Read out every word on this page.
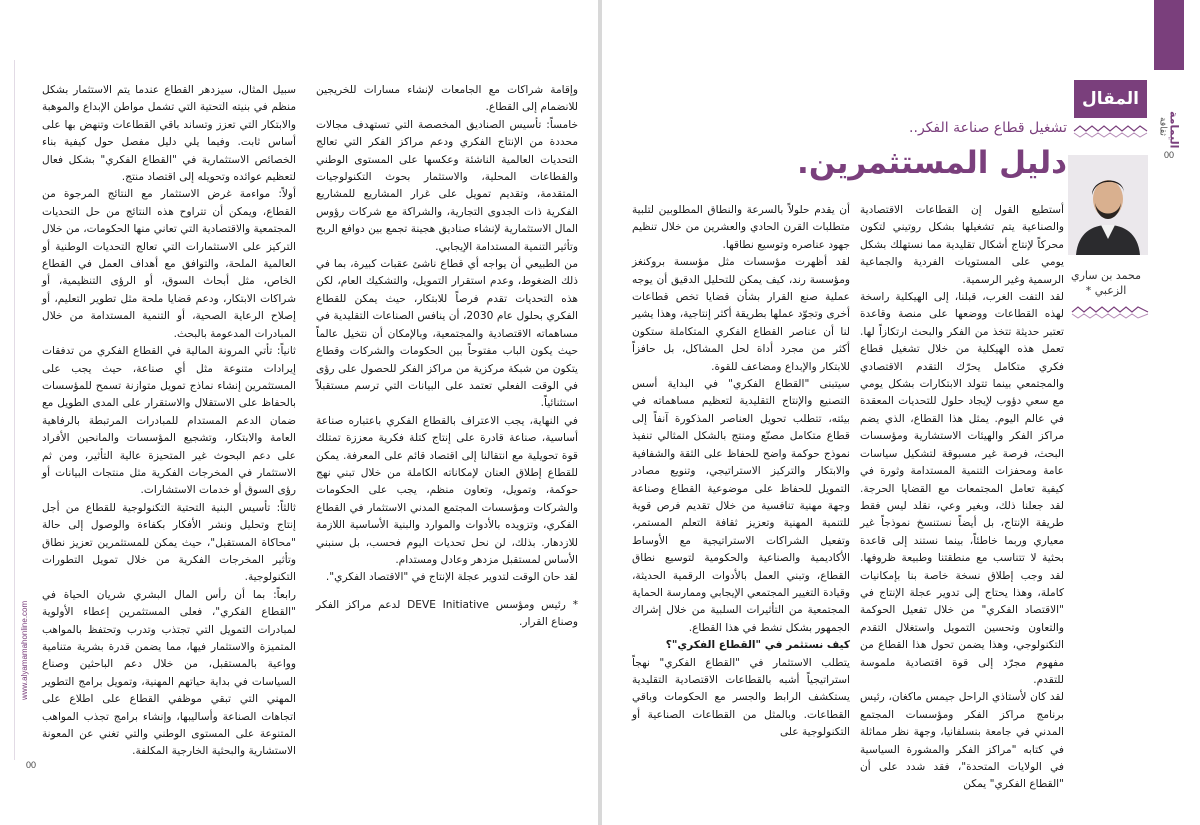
www.alyamamahonline.com
00

سبيل المثال، سيزدهر القطاع عندما يتم الاستثمار بشكل منظم في بنيته التحتية التي تشمل مواطن الإبداع والموهبة والابتكار التي تعزز وتساند باقي القطاعات وتنهض بها على أساس ثابت. وفيما يلي دليل مفصل حول كيفية بناء الخصائص الاستثمارية في "القطاع الفكري" بشكل فعال لتعظيم عوائده وتحويله إلى اقتصاد منتج.

أولاً: مواءمة غرض الاستثمار مع النتائج المرجوة من القطاع، ويمكن أن تتراوح هذه النتائج من حل التحديات المجتمعية والاقتصادية التي تعاني منها الحكومات، من خلال التركيز على الاستثمارات التي تعالج التحديات الوطنية أو العالمية الملحة، والتوافق مع أهداف العمل في القطاع الخاص، مثل أبحاث السوق، أو الرؤى التنظيمية، أو شراكات الابتكار، ودعم قضايا ملحة مثل تطوير التعليم، أو إصلاح الرعاية الصحية، أو التنمية المستدامة من خلال المبادرات المدعومة بالبحث.

ثانياً: تأتي المرونة المالية في القطاع الفكري من تدفقات إيرادات متنوعة مثل أي صناعة، حيث يجب على المستثمرين إنشاء نماذج تمويل متوازنة تسمح للمؤسسات بالحفاظ على الاستقلال والاستقرار على المدى الطويل مع ضمان الدعم المستدام للمبادرات المرتبطة بالرفاهية العامة والابتكار، وتشجيع المؤسسات والمانحين الأفراد على دعم البحوث غير المتحيزة عالية التأثير، ومن ثم الاستثمار في المخرجات الفكرية مثل منتجات البيانات أو رؤى السوق أو خدمات الاستشارات.

ثالثاً: تأسيس البنية التحتية التكنولوجية للقطاع من أجل إنتاج وتحليل ونشر الأفكار بكفاءة والوصول إلى حالة "محاكاة المستقبل"، حيث يمكن للمستثمرين تعزيز نطاق وتأثير المخرجات الفكرية من خلال تمويل التطورات التكنولوجية.

رابعاً: بما أن رأس المال البشري شريان الحياة في "القطاع الفكري"، فعلى المستثمرين إعطاء الأولوية لمبادرات التمويل التي تجتذب وتدرب وتحتفظ بالمواهب المتميزة والاستثمار فيها، مما يضمن قدرة بشرية متنامية وواعية بالمستقبل، من خلال دعم الباحثين وصناع السياسات في بداية حياتهم المهنية، وتمويل برامج التطوير المهني التي تبقي موظفي القطاع على اطلاع على اتجاهات الصناعة وأساليبها، وإنشاء برامج تجذب المواهب المتنوعة على المستوى الوطني والتي تغني عن المعونة الاستشارية والبحثية الخارجية المكلفة.

وإقامة شراكات مع الجامعات لإنشاء مسارات للخريجين للانضمام إلى القطاع.

خامساً: تأسيس الصناديق المخصصة التي تستهدف مجالات محددة من الإنتاج الفكري ودعم مراكز الفكر التي تعالج التحديات العالمية الناشئة وعكسها على المستوى الوطني والقطاعات المحلية، والاستثمار بحوث التكنولوجيات المتقدمة، وتقديم تمويل على غرار المشاريع للمشاريع الفكرية ذات الجدوى التجارية، والشراكة مع شركات رؤوس المال الاستثمارية لإنشاء صناديق هجينة تجمع بين دوافع الربح وتأثير التنمية المستدامة الإيجابي.

من الطبيعي أن يواجه أي قطاع ناشئ عقبات كبيرة، بما في ذلك الضغوط، وعدم استقرار التمويل، والتشكيك العام، لكن هذه التحديات تقدم فرصاً للابتكار، حيث يمكن للقطاع الفكري بحلول عام 2030، أن ينافس الصناعات التقليدية في مساهماته الاقتصادية والمجتمعية، وبالإمكان أن نتخيل عالماً حيث يكون الباب مفتوحاً بين الحكومات والشركات وقطاع يتكون من شبكة مركزية من مراكز الفكر للحصول على رؤى في الوقت الفعلي تعتمد على البيانات التي ترسم مستقبلاً استثنائياً.

في النهاية، يجب الاعتراف بالقطاع الفكري باعتباره صناعة أساسية، صناعة قادرة على إنتاج كتلة فكرية معززة تمتلك قوة تحويلية مع انتقالنا إلى اقتصاد قائم على المعرفة. يمكن للقطاع إطلاق العنان لإمكاناته الكاملة من خلال تبني نهج حوكمة، وتمويل، وتعاون منظم، يجب على الحكومات والشركات ومؤسسات المجتمع المدني الاستثمار في القطاع الفكري، وتزويده بالأدوات والموارد والبنية الأساسية اللازمة للازدهار. بذلك، لن نحل تحديات اليوم فحسب، بل سنبني الأساس لمستقبل مزدهر وعادل ومستدام.

لقد حان الوقت لتدوير عجلة الإنتاج في "الاقتصاد الفكري".

* رئيس ومؤسس DEVE Initiative لدعم مراكز الفكر وصناع القرار.

تشغيل قطاع صناعة الفكر..
دليل المستثمرين.
المقال
ثقافة اليمامة
00
محمد بن ساري الزعبي *

أن يقدم حلولاً بالسرعة والنطاق المطلوبين لتلبية متطلبات القرن الحادي والعشرين من خلال تنظيم جهود عناصره وتوسيع نطاقها.

لقد أظهرت مؤسسات مثل مؤسسة بروكنغز ومؤسسة رند، كيف يمكن للتحليل الدقيق أن يوجه عملية صنع القرار بشأن قضايا تخص قطاعات أخرى وتجوّد عملها بطريقة أكثر إنتاجية، وهذا يشير لنا أن عناصر القطاع الفكري المتكاملة ستكون أكثر من مجرد أداة لحل المشاكل، بل حافزاً للابتكار والإبداع ومضاعف للقوة.

سيتبنى "القطاع الفكري" في البداية أسس التصنيع والإنتاج التقليدية لتعظيم مساهماته في بيئته، تتطلب تحويل العناصر المذكورة آنفاً إلى قطاع متكامل مصنّع ومنتج بالشكل المثالي تنفيذ نموذج حوكمة واضح للحفاظ على الثقة والشفافية والابتكار والتركيز الاستراتيجي، وتنويع مصادر التمويل للحفاظ على موضوعية القطاع وصناعة وجهة مهنية تنافسية من خلال تقديم فرص قوية للتنمية المهنية وتعزيز ثقافة التعلم المستمر، وتفعيل الشراكات الاستراتيجية مع الأوساط الأكاديمية والصناعية والحكومية لتوسيع نطاق القطاع، وتبني العمل بالأدوات الرقمية الحديثة، وقيادة التغيير المجتمعي الإيجابي وممارسة الحماية المجتمعية من التأثيرات السلبية من خلال إشراك الجمهور بشكل نشط في هذا القطاع.

كيف نستثمر في "القطاع الفكري"؟

يتطلب الاستثمار في "القطاع الفكري" نهجاً استراتيجياً أشبه بالقطاعات الاقتصادية التقليدية يستكشف الرابط والجسر مع الحكومات وباقي القطاعات. وبالمثل من القطاعات الصناعية أو التكنولوجية على

أستطيع القول إن القطاعات الاقتصادية والصناعية يتم تشغيلها بشكل روتيني لتكون محركاً لإنتاج أشكال تقليدية مما نستهلك بشكل يومي على المستويات الفردية والجماعية الرسمية وغير الرسمية.

لقد التفت الغرب، قبلنا، إلى الهيكلية راسخة لهذه القطاعات ووضعها على منصة وقاعدة تعتبر حديثة تتخذ من الفكر والبحث ارتكازاً لها. تعمل هذه الهيكلية من خلال تشغيل قطاع فكري متكامل يحرّك التقدم الاقتصادي والمجتمعي بينما تتولد الابتكارات بشكل يومي مع سعي دؤوب لإيجاد حلول للتحديات المعقدة في عالم اليوم. يمثل هذا القطاع، الذي يضم مراكز الفكر والهيئات الاستشارية ومؤسسات البحث، فرصة غير مسبوقة لتشكيل سياسات عامة ومحفزات التنمية المستدامة وثورة في كيفية تعامل المجتمعات مع القضايا الحرجة. لقد جعلنا ذلك، وبغير وعي، نقلد ليس فقط طريقة الإنتاج، بل أيضاً نستنسخ نموذجاً غير معياري وربما خاطئاً، بينما نستند إلى قاعدة بحثية لا تتناسب مع منطقتنا وطبيعة ظروفها. لقد وجب إطلاق نسخة خاصة بنا بإمكانيات كاملة، وهذا يحتاج إلى تدوير عجلة الإنتاج في "الاقتصاد الفكري" من خلال تفعيل الحوكمة والتعاون وتحسين التمويل واستغلال التقدم التكنولوجي، وهذا يضمن تحول هذا القطاع من مفهوم مجرّد إلى قوة اقتصادية ملموسة للتقدم.

لقد كان لأستاذي الراحل جيمس ماكغان، رئيس برنامج مراكز الفكر ومؤسسات المجتمع المدني في جامعة بنسلفانيا، وجهة نظر مماثلة في كتابه "مراكز الفكر والمشورة السياسية في الولايات المتحدة"، فقد شدد على أن "القطاع الفكري" يمكن
